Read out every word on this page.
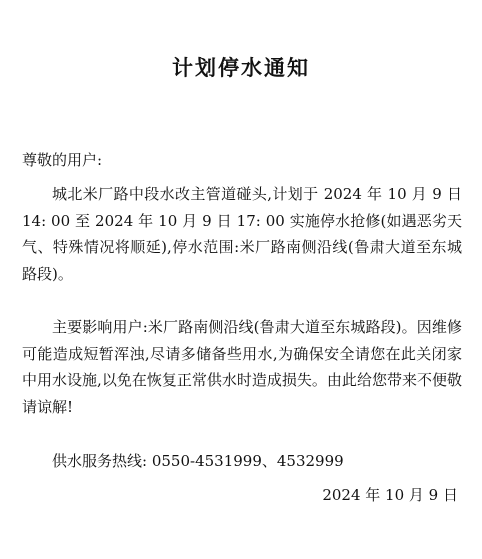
计划停水通知
尊敬的用户:

城北米厂路中段水改主管道碰头,计划于 2024 年 10 月 9 日 14: 00 至 2024 年 10 月 9 日 17: 00 实施停水抢修(如遇恶劣天气、特殊情况将顺延),停水范围:米厂路南侧沿线(鲁肃大道至东城路段)。

主要影响用户:米厂路南侧沿线(鲁肃大道至东城路段)。因维修可能造成短暂浑浊,尽请多储备些用水,为确保安全请您在此关闭家中用水设施,以免在恢复正常供水时造成损失。由此给您带来不便敬请谅解!

供水服务热线: 0550-4531999、4532999
2024 年 10 月 9 日
